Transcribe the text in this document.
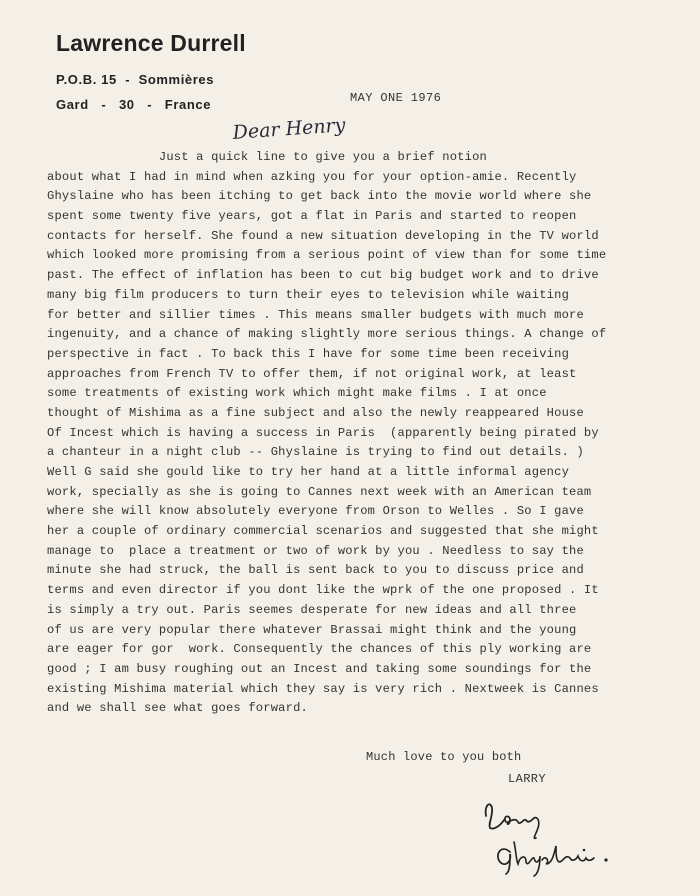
Lawrence Durrell
P.O.B. 15  -  Sommières
Gard   -   30   -   France	MAY ONE 1976
Dear Henry
Just a quick line to give you a brief notion
about what I had in mind when azking you for your option-amie. Recently
Ghyslaine who has been itching to get back into the movie world where she
spent some twenty five years, got a flat in Paris and started to reopen
contacts for herself. She found a new situation developing in the TV world
which looked more promising from a serious point of view than for some time
past. The effect of inflation has been to cut big budget work and to drive
many big film producers to turn their eyes to television while waiting
for better and sillier times . This means smaller budgets with much more
ingenuity, and a chance of making slightly more serious things. A change of
perspective in fact . To back this I have for some time been receiving
approaches from French TV to offer them, if not original work, at least
some treatments of existing work which might make films . I at once
thought of Mishima as a fine subject and also the newly reappeared House
Of Incest which is having a success in Paris  (apparently being pirated by
a chanteur in a night club -- Ghyslaine is trying to find out details. )
Well G said she gould like to try her hand at a little informal agency
work, specially as she is going to Cannes next week with an American team
where she will know absolutely everyone from Orson to Welles . So I gave
her a couple of ordinary commercial scenarios and suggested that she might
manage to  place a treatment or two of work by you . Needless to say the
minute she had struck, the ball is sent back to you to discuss price and
terms and even director if you dont like the wprk of the one proposed . It
is simply a try out. Paris seemes desperate for new ideas and all three
of us are very popular there whatever Brassai might think and the young
are eager for gor  work. Consequently the chances of this ply working are
good ; I am busy roughing out an Incest and taking some soundings for the
existing Mishima material which they say is very rich . Nextweek is Cannes
and we shall see what goes forward.
Much love to you both
LARRY
